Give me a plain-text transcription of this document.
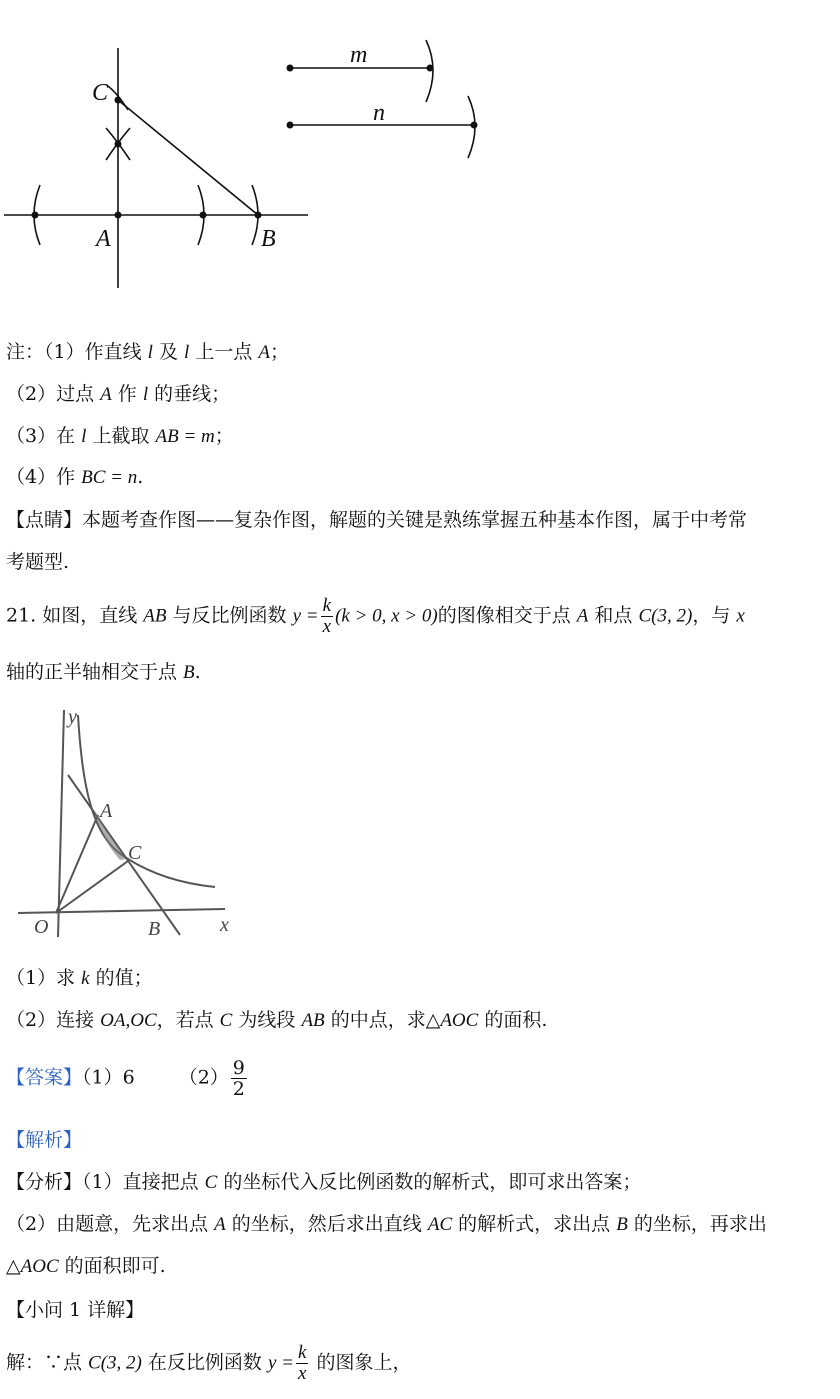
C
A	B
m
n
注：（1）作直线 l 及 l 上一点 A；
（2）过点 A 作 l 的垂线；
（3）在 l 上截取 AB = m；
（4）作 BC = n.
【点睛】本题考查作图——复杂作图，解题的关键是熟练掌握五种基本作图，属于中考常
考题型.
21. 如图，直线 AB 与反比例函数 $y = \frac{k}{x} (k > 0$, x > 0)的图像相交于点 A 和点 C(3, 2)，与 x
轴的正半轴相交于点 B.
y
x
O
A
B
C
（1）求 k 的值；
（2）连接 OA,OC，若点 C 为线段 AB 的中点，求△AOC 的面积.
【答案】（1）6 $(2) \frac{9}{2}$
【解析】
【分析】（1）直接把点 C 的坐标代入反比例函数的解析式，即可求出答案；
（2）由题意，先求出点 A 的坐标，然后求出直线 AC 的解析式，求出点 B 的坐标，再求出
△AOC 的面积即可.
【小问 1 详解】
解：∵点 C(3, 2) 在反比例函数 $y = \frac{k}{x}$ 的图象上，
